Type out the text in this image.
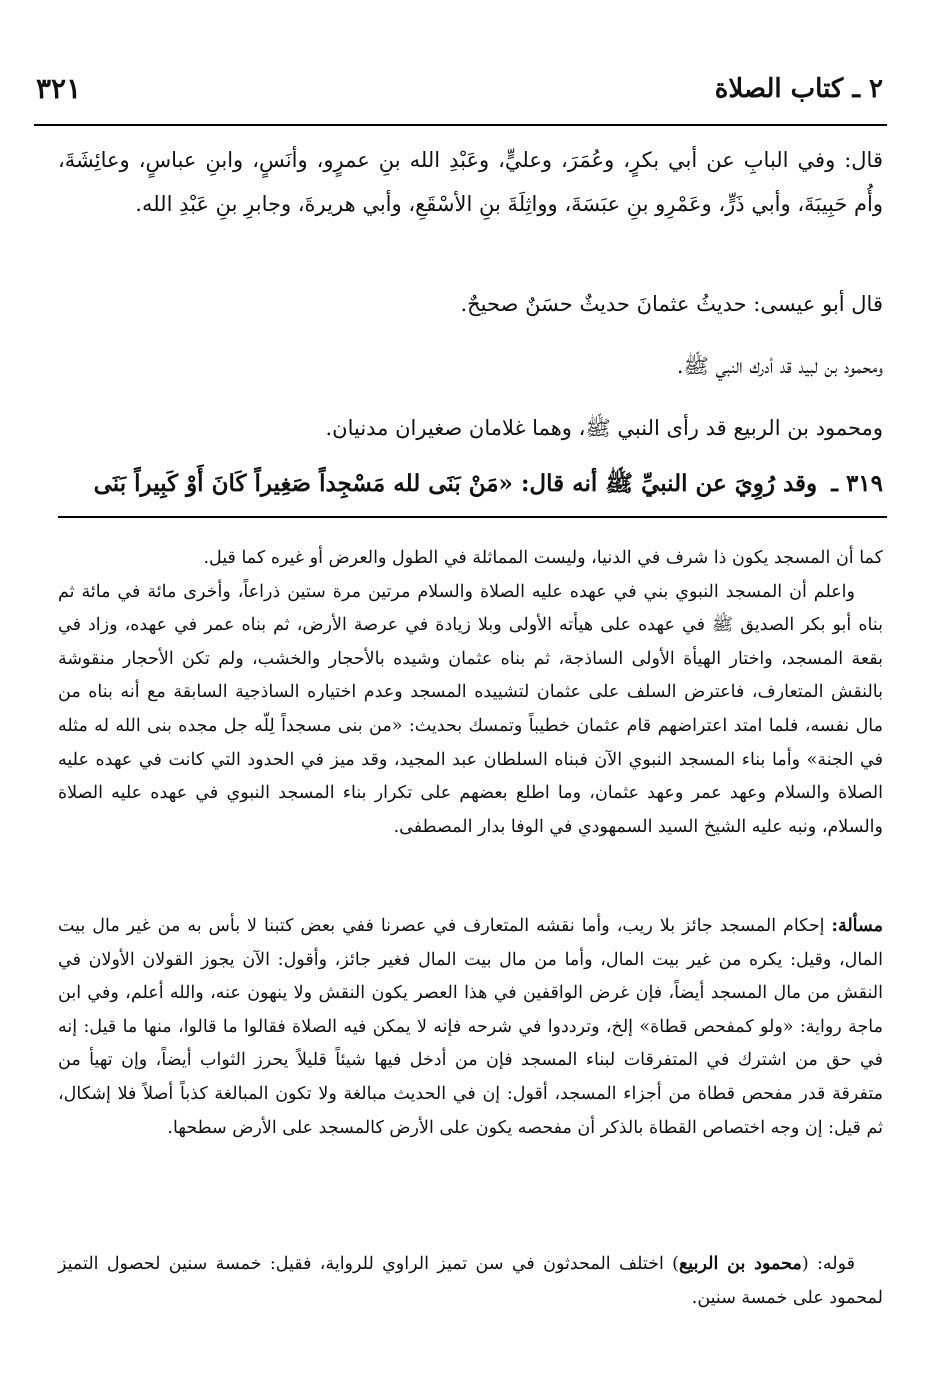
٢ ـ كتاب الصلاة
٣٢١

قال: وفي البابِ عن أبي بكرٍ، وعُمَرَ، وعليٍّ، وعَبْدِ الله بنِ عمرٍو، وأنَسٍ، وابنِ عباسٍ، وعائِشَةَ، وأُم حَبِيبَةَ، وأبي ذَرٍّ، وعَمْرِو بنِ عبَسَةَ، وواثِلَةَ بنِ الأسْقَعِ، وأبي هريرةَ، وجابرِ بنِ عَبْدِ الله.

قال أبو عيسى: حديثُ عثمانَ حديثٌ حسَنٌ صحيحٌ.

ومحمود بن لبيد قد أدرك النبي ﷺ.

ومحمود بن الربيع قد رأى النبي ﷺ، وهما غلامان صغيران مدنيان.

٣١٩ ـ وقد رُوِيَ عن النبيِّ ﷺ أنه قال: «مَنْ بَنَى لله مَسْجِداً صَغِيراً كَانَ أَوْ كَبِيراً بَنَى

كما أن المسجد يكون ذا شرف في الدنيا، وليست المماثلة في الطول والعرض أو غيره كما قيل.

واعلم أن المسجد النبوي بني في عهده عليه الصلاة والسلام مرتين مرة ستين ذراعاً، وأخرى مائة في مائة ثم بناه أبو بكر الصديق ﷺ في عهده على هيأته الأولى وبلا زيادة في عرصة الأرض، ثم بناه عمر في عهده، وزاد في بقعة المسجد، واختار الهيأة الأولى الساذجة، ثم بناه عثمان وشيده بالأحجار والخشب، ولم تكن الأحجار منقوشة بالنقش المتعارف، فاعترض السلف على عثمان لتشييده المسجد وعدم اختياره الساذجية السابقة مع أنه بناه من مال نفسه، فلما امتد اعتراضهم قام عثمان خطيباً وتمسك بحديث: «من بنى مسجداً لِلّه جل مجده بنى الله له مثله في الجنة» وأما بناء المسجد النبوي الآن فبناه السلطان عبد المجيد، وقد ميز في الحدود التي كانت في عهده عليه الصلاة والسلام وعهد عمر وعهد عثمان، وما اطلع بعضهم على تكرار بناء المسجد النبوي في عهده عليه الصلاة والسلام، ونبه عليه الشيخ السيد السمهودي في الوفا بدار المصطفى.

مسألة: إحكام المسجد جائز بلا ريب، وأما نقشه المتعارف في عصرنا ففي بعض كتبنا لا بأس به من غير مال بيت المال، وقيل: يكره من غير بيت المال، وأما من مال بيت المال فغير جائز، وأقول: الآن يجوز القولان الأولان في النقش من مال المسجد أيضاً، فإن غرض الواقفين في هذا العصر يكون النقش ولا ينهون عنه، والله أعلم، وفي ابن ماجة رواية: «ولو كمفحص قطاة» إلخ، وترددوا في شرحه فإنه لا يمكن فيه الصلاة فقالوا ما قالوا، منها ما قيل: إنه في حق من اشترك في المتفرقات لبناء المسجد فإن من أدخل فيها شيئاً قليلاً يحرز الثواب أيضاً، وإن تهيأ من متفرقة قدر مفحص قطاة من أجزاء المسجد، أقول: إن في الحديث مبالغة ولا تكون المبالغة كذباً أصلاً فلا إشكال، ثم قيل: إن وجه اختصاص القطاة بالذكر أن مفحصه يكون على الأرض كالمسجد على الأرض سطحها.

قوله: (محمود بن الربيع) اختلف المحدثون في سن تميز الراوي للرواية، فقيل: خمسة سنين لحصول التميز لمحمود على خمسة سنين.
